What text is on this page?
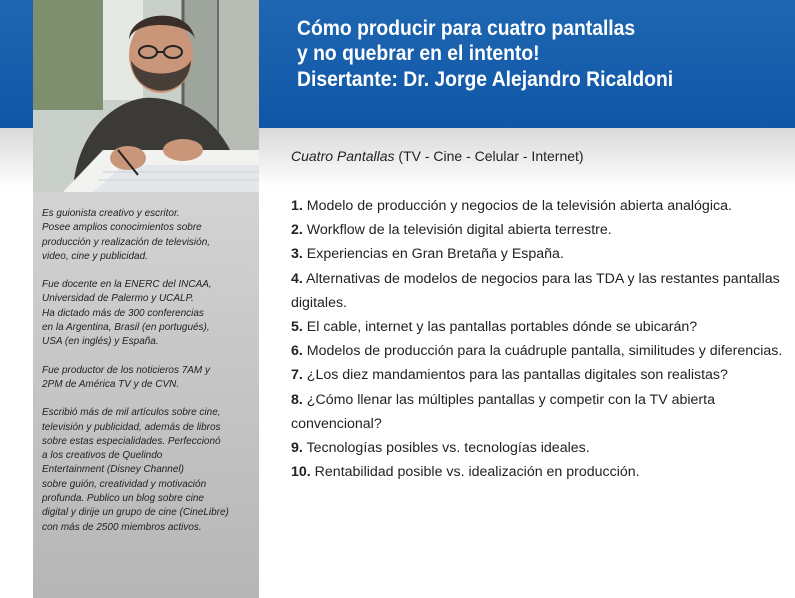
Es guionista creativo y escritor.
Posee amplios conocimientos sobre
producción y realización de televisión,
video, cine y publicidad.

Fue docente en la ENERC del INCAA,
Universidad de Palermo y UCALP.
Ha dictado más de 300 conferencias
en la Argentina, Brasil (en portugués),
USA (en inglés) y España.

Fue productor de los noticieros 7AM y
2PM de América TV y de CVN.

Escribió más de mil artículos sobre cine,
televisión y publicidad, además de libros
sobre estas especialidades. Perfeccionó
a los creativos de Quelindo
Entertainment (Disney Channel)
sobre guión, creatividad y motivación
profunda. Publico un blog sobre cine
digital y dirije un grupo de cine (CineLibre)
con más de 2500 miembros activos.

Cómo producir para cuatro pantallas
y no quebrar en el intento!
Disertante: Dr. Jorge Alejandro Ricaldoni
Cuatro Pantallas (TV - Cine - Celular - Internet)
1. Modelo de producción y negocios de la televisión abierta analógica.
2. Workflow de la televisión digital abierta terrestre.
3. Experiencias en Gran Bretaña y España.
4. Alternativas de modelos de negocios para las TDA y las restantes pantallas digitales.
5. El cable, internet y las pantallas portables dónde se ubicarán?
6. Modelos de producción para la cuádruple pantalla, similitudes y diferencias.
7. ¿Los diez mandamientos para las pantallas digitales son realistas?
8. ¿Cómo llenar las múltiples pantallas y competir con la TV abierta convencional?
9. Tecnologías posibles vs. tecnologías ideales.
10. Rentabilidad posible vs. idealización en producción.
